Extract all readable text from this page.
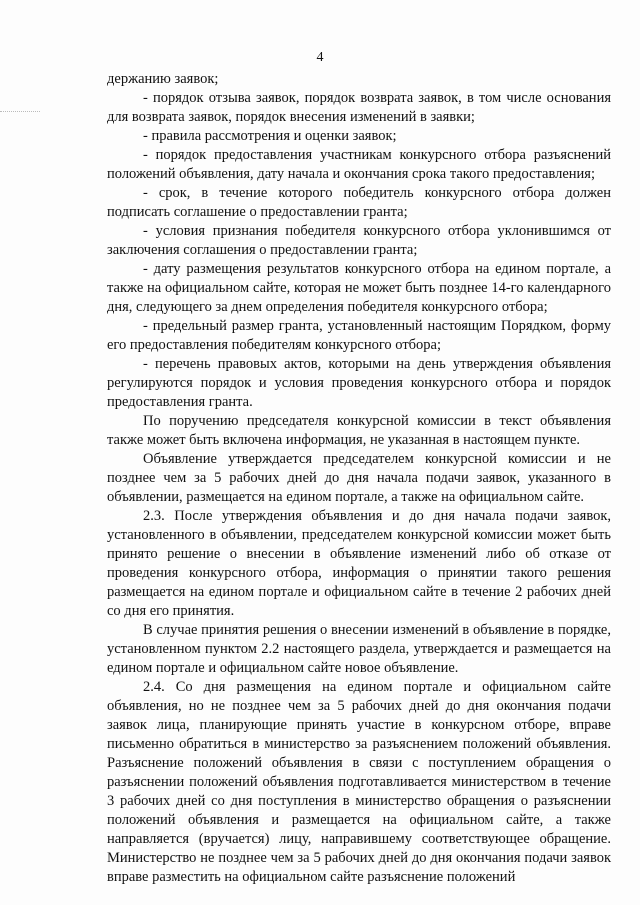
4

держанию заявок;

- порядок отзыва заявок, порядок возврата заявок, в том числе основания для возврата заявок, порядок внесения изменений в заявки;

- правила рассмотрения и оценки заявок;

- порядок предоставления участникам конкурсного отбора разъяснений положений объявления, дату начала и окончания срока такого предоставления;

- срок, в течение которого победитель конкурсного отбора должен подписать соглашение о предоставлении гранта;

- условия признания победителя конкурсного отбора уклонившимся от заключения соглашения о предоставлении гранта;

- дату размещения результатов конкурсного отбора на едином портале, а также на официальном сайте, которая не может быть позднее 14-го календарного дня, следующего за днем определения победителя конкурсного отбора;

- предельный размер гранта, установленный настоящим Порядком, форму его предоставления победителям конкурсного отбора;

- перечень правовых актов, которыми на день утверждения объявления регулируются порядок и условия проведения конкурсного отбора и порядок предоставления гранта.

По поручению председателя конкурсной комиссии в текст объявления также может быть включена информация, не указанная в настоящем пункте.

Объявление утверждается председателем конкурсной комиссии и не позднее чем за 5 рабочих дней до дня начала подачи заявок, указанного в объявлении, размещается на едином портале, а также на официальном сайте.

2.3. После утверждения объявления и до дня начала подачи заявок, установленного в объявлении, председателем конкурсной комиссии может быть принято решение о внесении в объявление изменений либо об отказе от проведения конкурсного отбора, информация о принятии такого решения размещается на едином портале и официальном сайте в течение 2 рабочих дней со дня его принятия.

В случае принятия решения о внесении изменений в объявление в порядке, установленном пунктом 2.2 настоящего раздела, утверждается и размещается на едином портале и официальном сайте новое объявление.

2.4. Со дня размещения на едином портале и официальном сайте объявления, но не позднее чем за 5 рабочих дней до дня окончания подачи заявок лица, планирующие принять участие в конкурсном отборе, вправе письменно обратиться в министерство за разъяснением положений объявления. Разъяснение положений объявления в связи с поступлением обращения о разъяснении положений объявления подготавливается министерством в течение 3 рабочих дней со дня поступления в министерство обращения о разъяснении положений объявления и размещается на официальном сайте, а также направляется (вручается) лицу, направившему соответствующее обращение. Министерство не позднее чем за 5 рабочих дней до дня окончания подачи заявок вправе разместить на официальном сайте разъяснение положений
